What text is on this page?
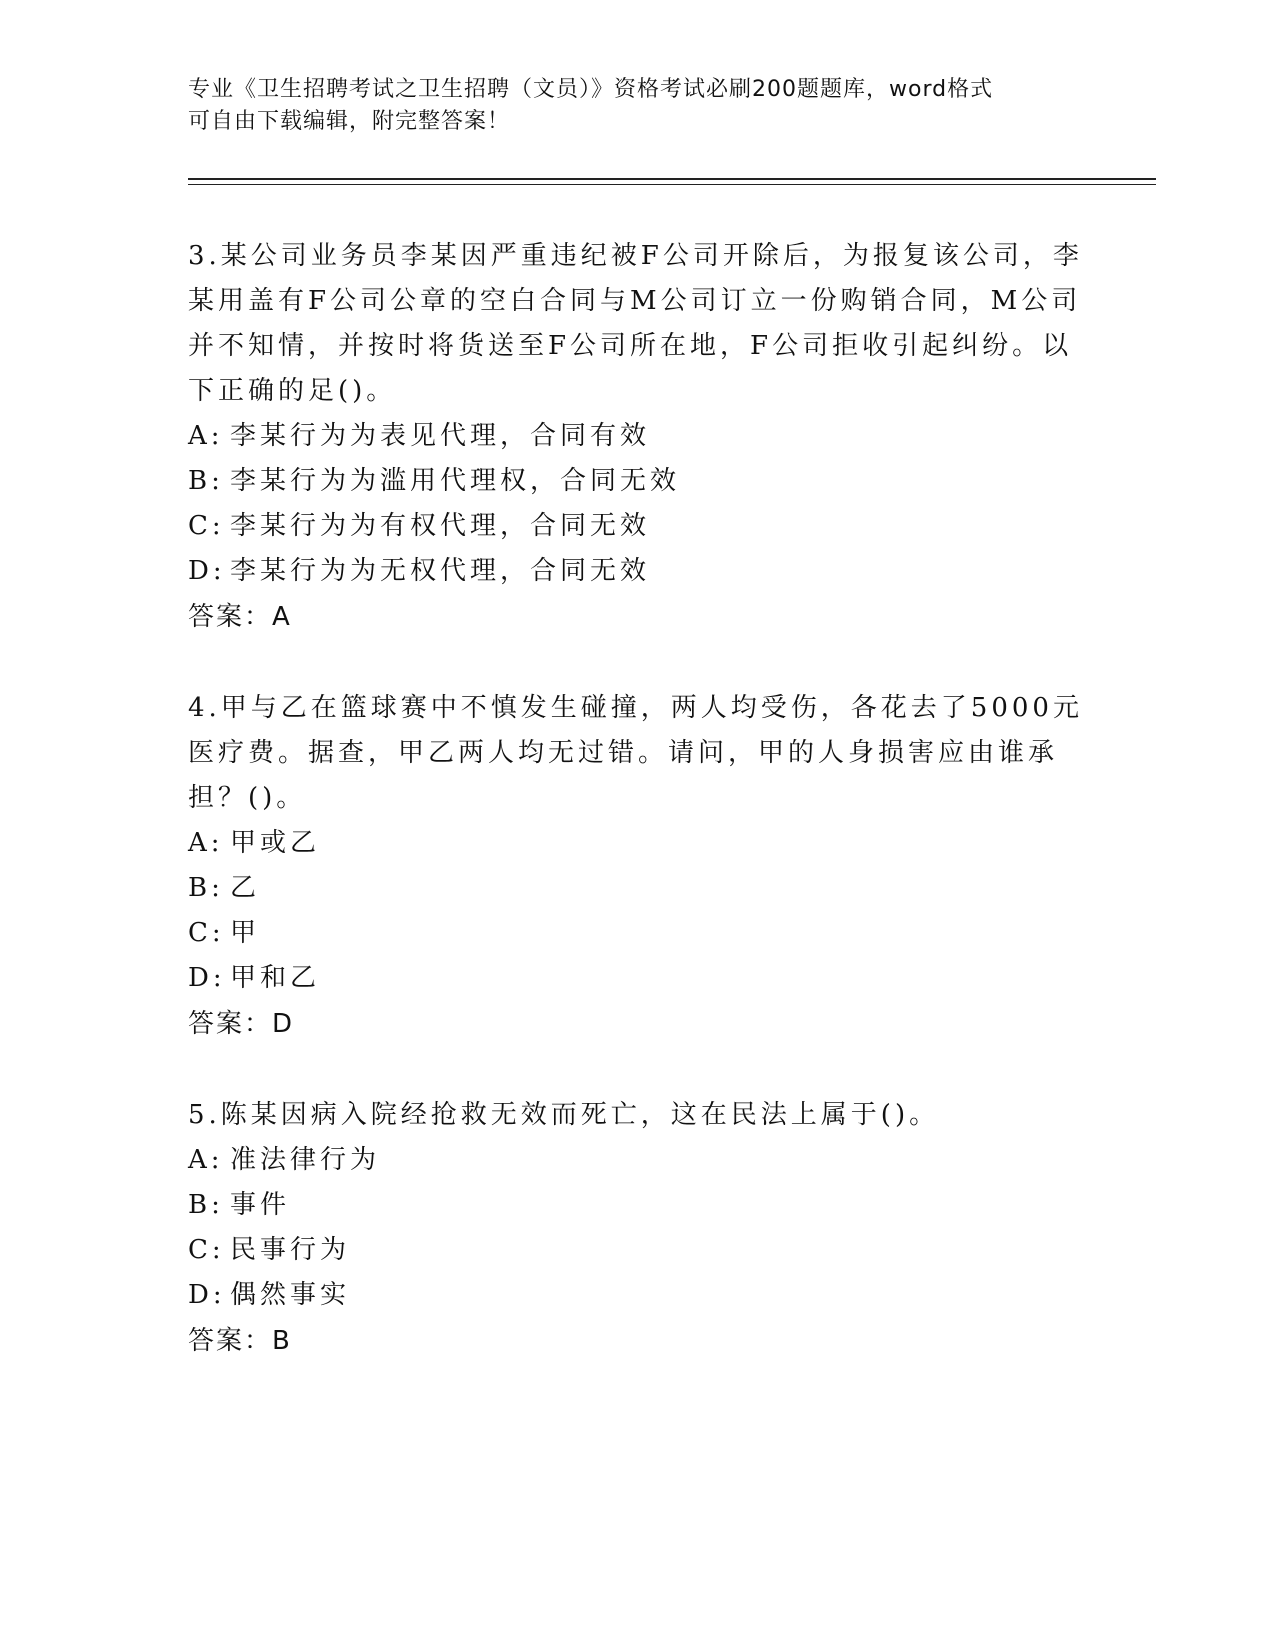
专业《卫生招聘考试之卫生招聘（文员）》资格考试必刷200题题库，word格式
可自由下载编辑，附完整答案！

3.某公司业务员李某因严重违纪被F公司开除后，为报复该公司，李某用盖有F公司公章的空白合同与M公司订立一份购销合同，M公司并不知情，并按时将货送至F公司所在地，F公司拒收引起纠纷。以下正确的足()。

A: 李某行为为表见代理，合同有效
B: 李某行为为滥用代理权，合同无效
C: 李某行为为有权代理，合同无效
D: 李某行为为无权代理，合同无效

答案：A

4.甲与乙在篮球赛中不慎发生碰撞，两人均受伤，各花去了5000元医疗费。据查，甲乙两人均无过错。请问，甲的人身损害应由谁承担？()。

A: 甲或乙
B: 乙
C: 甲
D: 甲和乙

答案：D

5.陈某因病入院经抢救无效而死亡，这在民法上属于()。

A: 准法律行为
B: 事件
C: 民事行为
D: 偶然事实

答案：B
